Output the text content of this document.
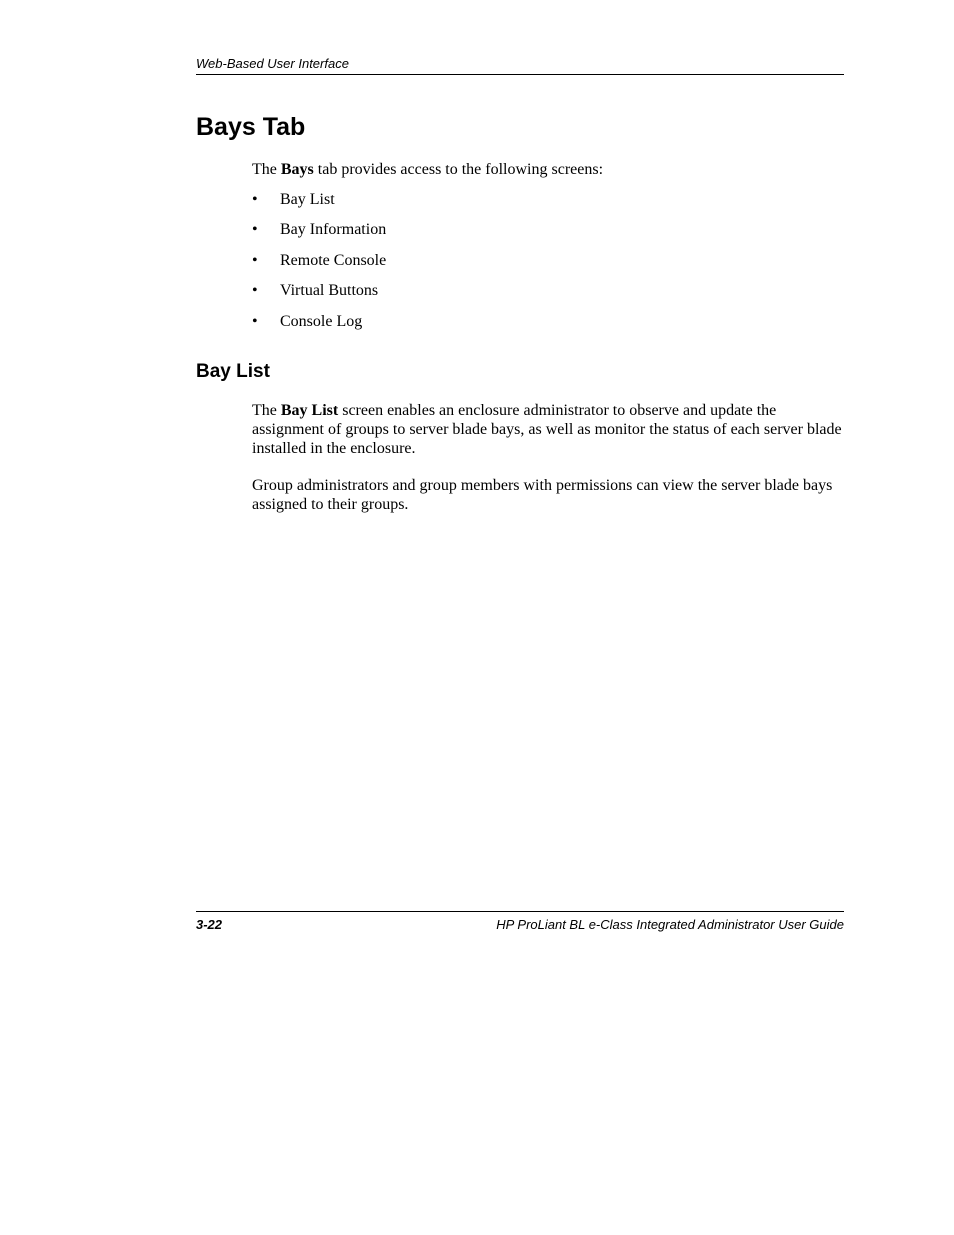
Web-Based User Interface
Bays Tab

The Bays tab provides access to the following screens:

• Bay List
• Bay Information
• Remote Console
• Virtual Buttons
• Console Log
Bay List

The Bay List screen enables an enclosure administrator to observe and update the assignment of groups to server blade bays, as well as monitor the status of each server blade installed in the enclosure.

Group administrators and group members with permissions can view the server blade bays assigned to their groups.

3-22	HP ProLiant BL e-Class Integrated Administrator User Guide
